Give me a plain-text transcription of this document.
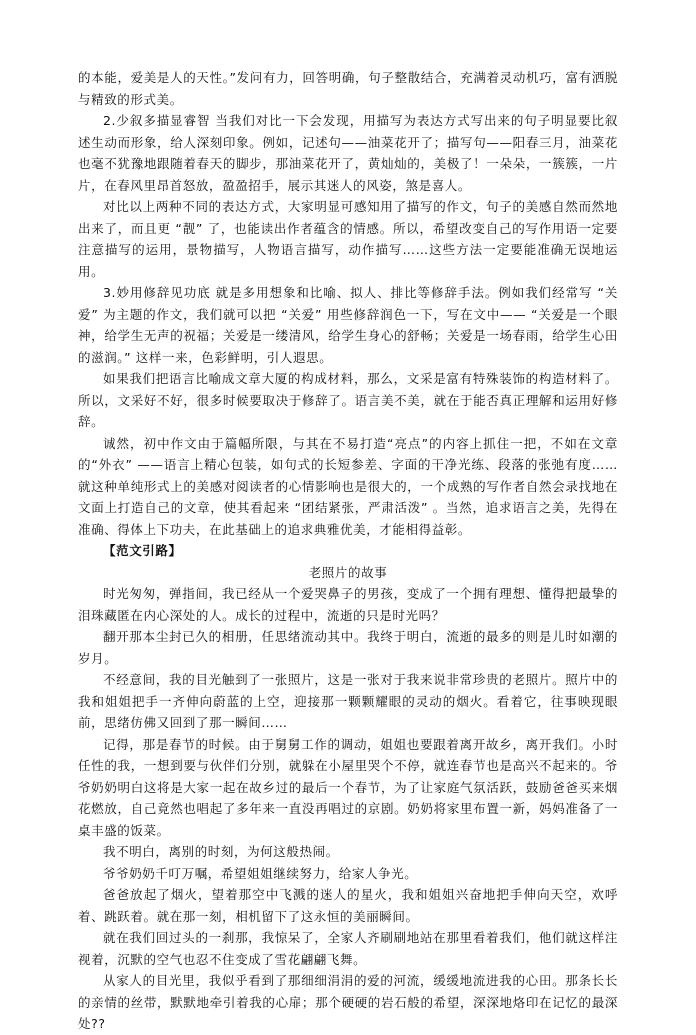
的本能，爱美是人的天性。”发问有力，回答明确，句子整散结合，充满着灵动机巧，富有洒脱与精致的形式美。

2.少叙多描显睿智 当我们对比一下会发现，用描写为表达方式写出来的句子明显要比叙述生动而形象，给人深刻印象。例如，记述句——油菜花开了；描写句——阳春三月，油菜花也毫不犹豫地跟随着春天的脚步，那油菜花开了，黄灿灿的，美极了！一朵朵，一簇簇，一片片，在春风里昂首怒放，盈盈招手，展示其迷人的风姿，煞是喜人。

对比以上两种不同的表达方式，大家明显可感知用了描写的作文，句子的美感自然而然地出来了，而且更 “靓” 了，也能读出作者蕴含的情感。所以，希望改变自己的写作用语一定要注意描写的运用，景物描写，人物语言描写，动作描写……这些方法一定要能准确无误地运用。

3.妙用修辞见功底 就是多用想象和比喻、拟人、排比等修辞手法。例如我们经常写 “关爱” 为主题的作文，我们就可以把 “关爱” 用些修辞润色一下，写在文中—— “关爱是一个眼神，给学生无声的祝福；关爱是一缕清风，给学生身心的舒畅；关爱是一场春雨，给学生心田的滋润。” 这样一来，色彩鲜明，引人遐思。

如果我们把语言比喻成文章大厦的构成材料，那么，文采是富有特殊装饰的构造材料了。所以，文采好不好，很多时候要取决于修辞了。语言美不美，就在于能否真正理解和运用好修辞。

诚然，初中作文由于篇幅所限，与其在不易打造“亮点”的内容上抓住一把，不如在文章的“外衣” ——语言上精心包装，如句式的长短参差、字面的干净光练、段落的张弛有度……就这种单纯形式上的美感对阅读者的心情影响也是很大的，一个成熟的写作者自然会录找地在文面上打造自己的文章，使其看起来 “团结紧张，严肃活泼” 。当然，追求语言之美，先得在准确、得体上下功夫，在此基础上的追求典雅优美，才能相得益彰。

【范文引路】

老照片的故事

时光匆匆，弹指间，我已经从一个爱哭鼻子的男孩，变成了一个拥有理想、懂得把最挚的泪珠藏匿在内心深处的人。成长的过程中，流逝的只是时光吗？

翻开那本尘封已久的相册，任思绪流动其中。我终于明白，流逝的最多的则是儿时如潮的岁月。

不经意间，我的目光触到了一张照片，这是一张对于我来说非常珍贵的老照片。照片中的我和姐姐把手一齐伸向蔚蓝的上空，迎接那一颗颗耀眼的灵动的烟火。看着它，往事映现眼前，思绪仿佛又回到了那一瞬间……

记得，那是春节的时候。由于舅舅工作的调动，姐姐也要跟着离开故乡，离开我们。小时任性的我，一想到要与伙伴们分别，就躲在小屋里哭个不停，就连春节也是高兴不起来的。爷爷奶奶明白这将是大家一起在故乡过的最后一个春节，为了让家庭气氛活跃，鼓励爸爸买来烟花燃放，自己竟然也唱起了多年来一直没再唱过的京剧。奶奶将家里布置一新，妈妈准备了一桌丰盛的饭菜。

我不明白，离别的时刻，为何这般热闹。

爷爷奶奶千叮万嘱，希望姐姐继续努力，给家人争光。

爸爸放起了烟火，望着那空中飞溅的迷人的星火，我和姐姐兴奋地把手伸向天空，欢呼着、跳跃着。就在那一刻，相机留下了这永恒的美丽瞬间。

就在我们回过头的一刹那，我惊呆了，全家人齐刷刷地站在那里看着我们，他们就这样注视着，沉默的空气也忍不住变成了雪花翩翩飞舞。

从家人的目光里，我似乎看到了那细细涓涓的爱的河流，缓缓地流进我的心田。那条长长的亲情的丝带，默默地牵引着我的心扉；那个硬硬的岩石般的希望，深深地烙印在记忆的最深处??
